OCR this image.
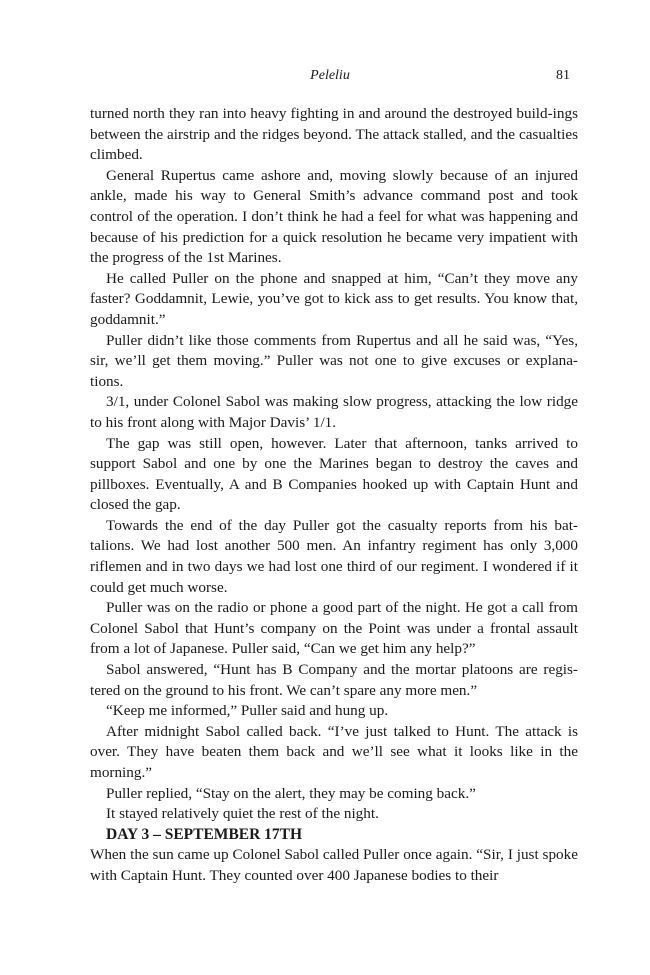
Peleliu	81

turned north they ran into heavy fighting in and around the destroyed build-ings between the airstrip and the ridges beyond. The attack stalled, and the casualties climbed.

General Rupertus came ashore and, moving slowly because of an injured ankle, made his way to General Smith’s advance command post and took control of the operation. I don’t think he had a feel for what was happening and because of his prediction for a quick resolution he became very impatient with the progress of the 1st Marines.

He called Puller on the phone and snapped at him, “Can’t they move any faster? Goddamnit, Lewie, you’ve got to kick ass to get results. You know that, goddamnit.”

Puller didn’t like those comments from Rupertus and all he said was, “Yes, sir, we’ll get them moving.” Puller was not one to give excuses or explana-tions.

3/1, under Colonel Sabol was making slow progress, attacking the low ridge to his front along with Major Davis’ 1/1.

The gap was still open, however. Later that afternoon, tanks arrived to support Sabol and one by one the Marines began to destroy the caves and pillboxes. Eventually, A and B Companies hooked up with Captain Hunt and closed the gap.

Towards the end of the day Puller got the casualty reports from his bat-talions. We had lost another 500 men. An infantry regiment has only 3,000 riflemen and in two days we had lost one third of our regiment. I wondered if it could get much worse.

Puller was on the radio or phone a good part of the night. He got a call from Colonel Sabol that Hunt’s company on the Point was under a frontal assault from a lot of Japanese. Puller said, “Can we get him any help?”

Sabol answered, “Hunt has B Company and the mortar platoons are regis-tered on the ground to his front. We can’t spare any more men.”

“Keep me informed,” Puller said and hung up.

After midnight Sabol called back. “I’ve just talked to Hunt. The attack is over. They have beaten them back and we’ll see what it looks like in the morning.”

Puller replied, “Stay on the alert, they may be coming back.”

It stayed relatively quiet the rest of the night.

DAY 3 – SEPTEMBER 17TH

When the sun came up Colonel Sabol called Puller once again. “Sir, I just spoke with Captain Hunt. They counted over 400 Japanese bodies to their
